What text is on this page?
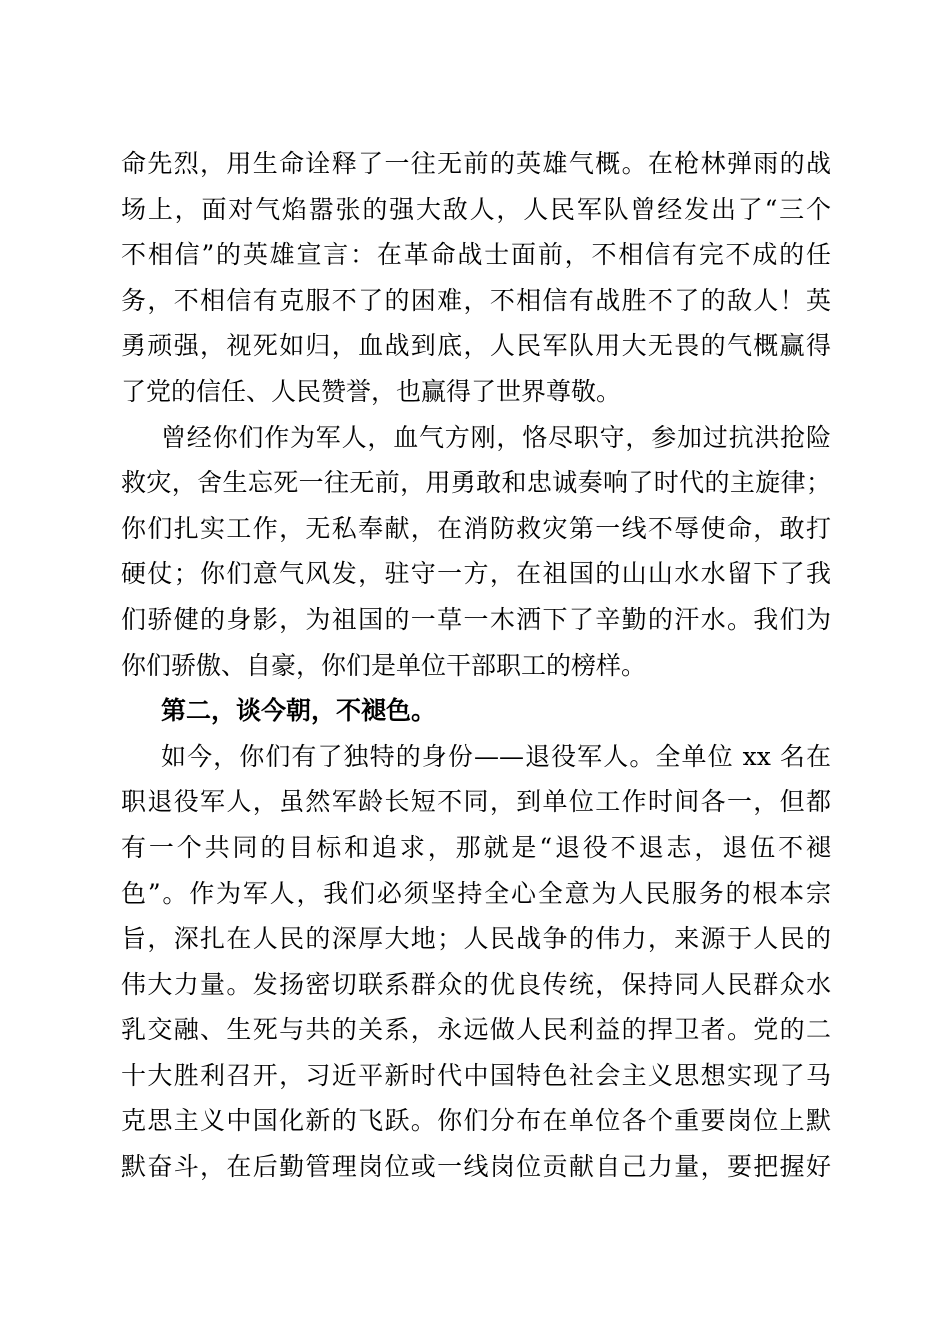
命先烈，用生命诠释了一往无前的英雄气概。在枪林弹雨的战
场上，面对气焰嚣张的强大敌人，人民军队曾经发出了“三个
不相信”的英雄宣言：在革命战士面前，不相信有完不成的任
务，不相信有克服不了的困难，不相信有战胜不了的敌人！英
勇顽强，视死如归，血战到底，人民军队用大无畏的气概赢得
了党的信任、人民赞誉，也赢得了世界尊敬。
曾经你们作为军人，血气方刚，恪尽职守，参加过抗洪抢险
救灾，舍生忘死一往无前，用勇敢和忠诚奏响了时代的主旋律；
你们扎实工作，无私奉献，在消防救灾第一线不辱使命，敢打
硬仗；你们意气风发，驻守一方，在祖国的山山水水留下了我
们骄健的身影，为祖国的一草一木洒下了辛勤的汗水。我们为
你们骄傲、自豪，你们是单位干部职工的榜样。
第二，谈今朝，不褪色。
如今，你们有了独特的身份——退役军人。全单位 xx 名在
职退役军人，虽然军龄长短不同，到单位工作时间各一，但都
有一个共同的目标和追求，那就是“退役不退志，退伍不褪
色”。作为军人，我们必须坚持全心全意为人民服务的根本宗
旨，深扎在人民的深厚大地；人民战争的伟力，来源于人民的
伟大力量。发扬密切联系群众的优良传统，保持同人民群众水
乳交融、生死与共的关系，永远做人民利益的捍卫者。党的二
十大胜利召开，习近平新时代中国特色社会主义思想实现了马
克思主义中国化新的飞跃。你们分布在单位各个重要岗位上默
默奋斗，在后勤管理岗位或一线岗位贡献自己力量，要把握好
